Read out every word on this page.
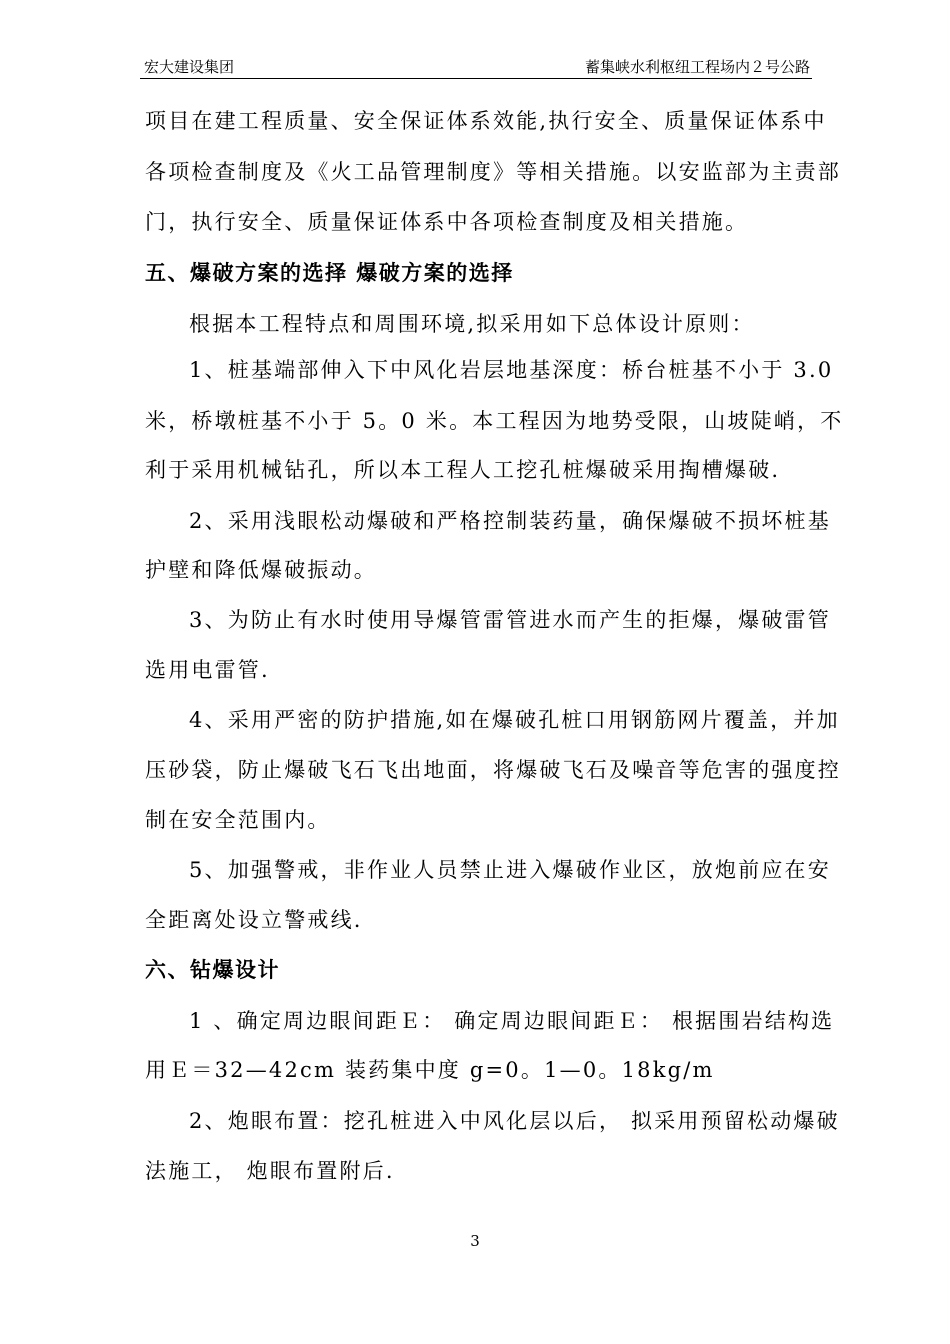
宏大建设集团	蓄集峡水利枢纽工程场内２号公路
项目在建工程质量、安全保证体系效能,执行安全、质量保证体系中
各项检查制度及《火工品管理制度》等相关措施。以安监部为主责部
门，执行安全、质量保证体系中各项检查制度及相关措施。
五、爆破方案的选择 爆破方案的选择
根据本工程特点和周围环境,拟采用如下总体设计原则：
1、桩基端部伸入下中风化岩层地基深度：桥台桩基不小于 3.0
米，桥墩桩基不小于 5。0 米。本工程因为地势受限，山坡陡峭，不
利于采用机械钻孔，所以本工程人工挖孔桩爆破采用掏槽爆破.
2、采用浅眼松动爆破和严格控制装药量，确保爆破不损坏桩基
护壁和降低爆破振动。
3、为防止有水时使用导爆管雷管进水而产生的拒爆，爆破雷管
选用电雷管.
4、采用严密的防护措施,如在爆破孔桩口用钢筋网片覆盖，并加
压砂袋，防止爆破飞石飞出地面，将爆破飞石及噪音等危害的强度控
制在安全范围内。
5、加强警戒，非作业人员禁止进入爆破作业区，放炮前应在安
全距离处设立警戒线.
六、钻爆设计
1 、确定周边眼间距Ｅ： 确定周边眼间距Ｅ： 根据围岩结构选
用Ｅ＝32—42cm 装药集中度 g=0。1—0。18kg/m
2、炮眼布置：挖孔桩进入中风化层以后， 拟采用预留松动爆破
法施工， 炮眼布置附后.
3
